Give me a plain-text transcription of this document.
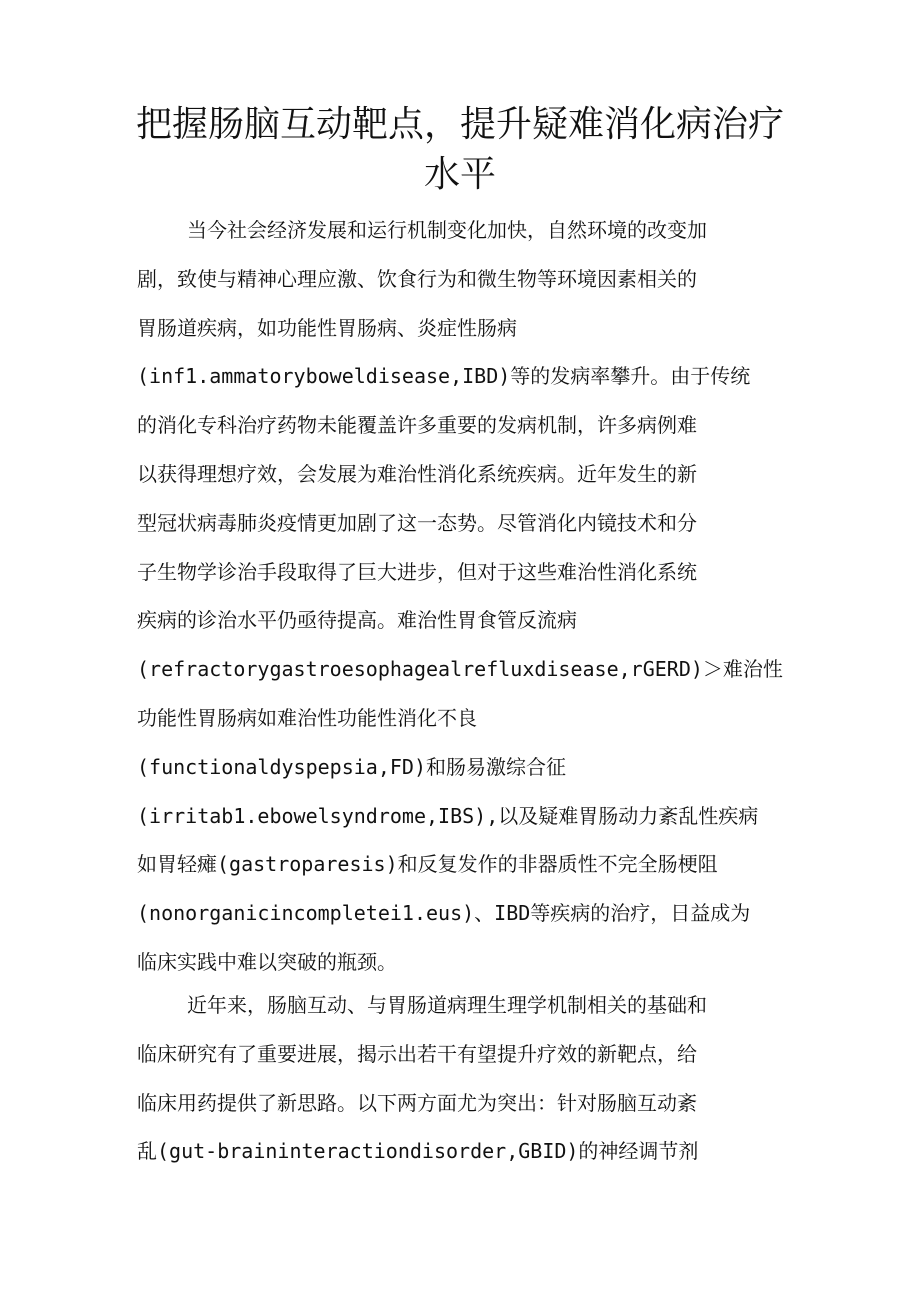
把握肠脑互动靶点，提升疑难消化病治疗水平
当今社会经济发展和运行机制变化加快，自然环境的改变加
剧，致使与精神心理应激、饮食行为和微生物等环境因素相关的
胃肠道疾病，如功能性胃肠病、炎症性肠病
(inf1.ammatoryboweldisease,IBD)等的发病率攀升。由于传统
的消化专科治疗药物未能覆盖许多重要的发病机制，许多病例难
以获得理想疗效，会发展为难治性消化系统疾病。近年发生的新
型冠状病毒肺炎疫情更加剧了这一态势。尽管消化内镜技术和分
子生物学诊治手段取得了巨大进步，但对于这些难治性消化系统
疾病的诊治水平仍亟待提高。难治性胃食管反流病
(refractorygastroesophagealrefluxdisease,rGERD)＞难治性
功能性胃肠病如难治性功能性消化不良
(functionaldyspepsia,FD)和肠易激综合征
(irritab1.ebowelsyndrome,IBS),以及疑难胃肠动力紊乱性疾病
如胃轻瘫(gastroparesis)和反复发作的非器质性不完全肠梗阻
(nonorganicincompletei1.eus)、IBD等疾病的治疗，日益成为
临床实践中难以突破的瓶颈。
近年来，肠脑互动、与胃肠道病理生理学机制相关的基础和
临床研究有了重要进展，揭示出若干有望提升疗效的新靶点，给
临床用药提供了新思路。以下两方面尤为突出：针对肠脑互动紊
乱(gut-braininteractiondisorder,GBID)的神经调节剂
